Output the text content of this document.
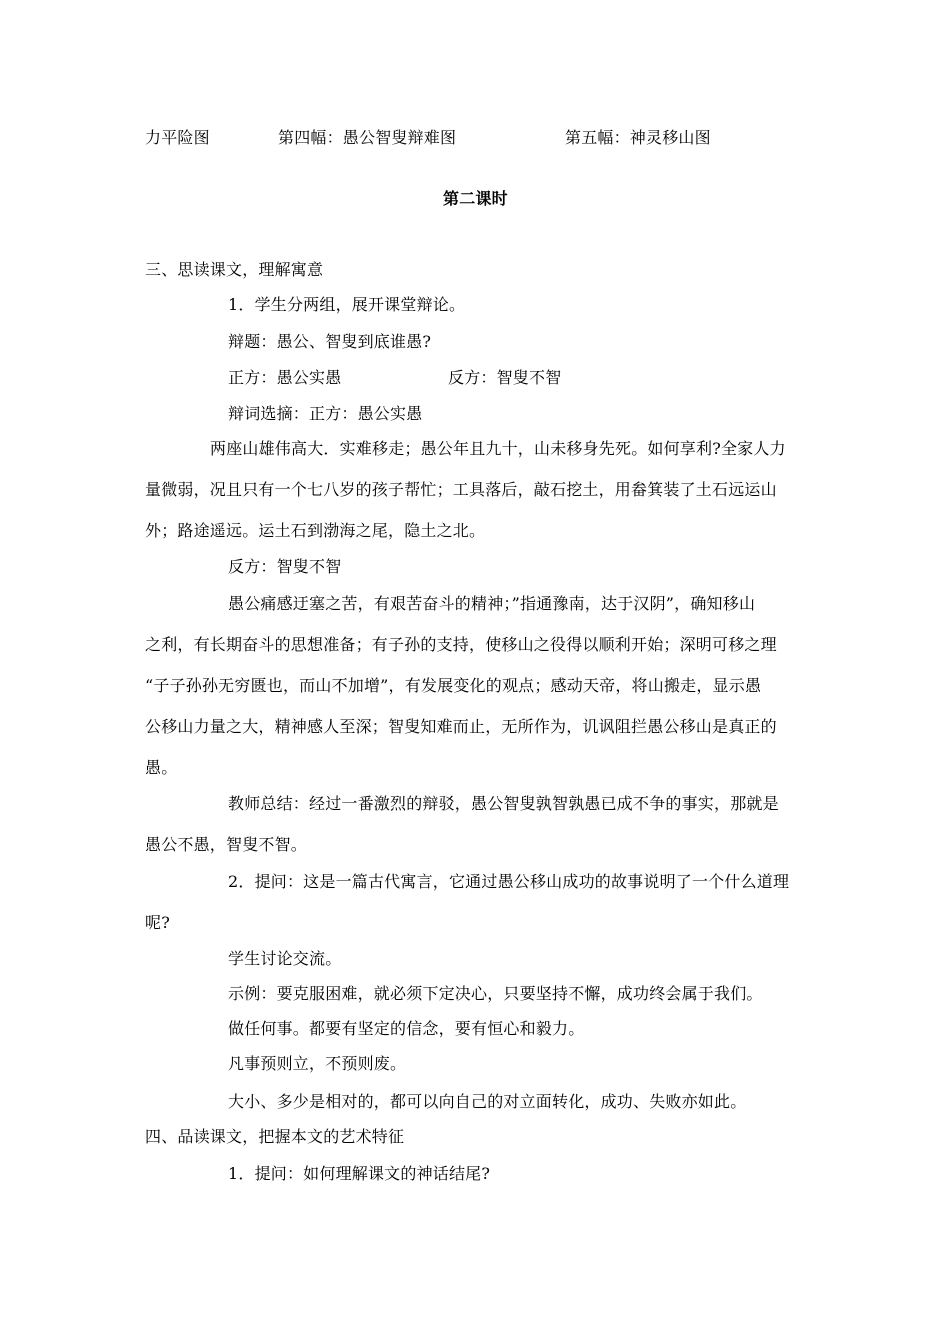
力平险图	第四幅：愚公智叟辩难图	第五幅：神灵移山图
第二课时
三、思读课文，理解寓意
1．学生分两组，展开课堂辩论。
辩题：愚公、智叟到底谁愚?
正方：愚公实愚	反方：智叟不智
辩词选摘：正方：愚公实愚
两座山雄伟高大．实难移走；愚公年且九十，山未移身先死。如何享利?全家人力
量微弱，况且只有一个七八岁的孩子帮忙；工具落后，敲石挖土，用畚箕装了土石远运山
外；路途遥远。运土石到渤海之尾，隐土之北。
反方：智叟不智
愚公痛感迂塞之苦，有艰苦奋斗的精神；”指通豫南，达于汉阴”，确知移山
之利，有长期奋斗的思想准备；有子孙的支持，使移山之役得以顺利开始；深明可移之理
“子子孙孙无穷匮也，而山不加增”，有发展变化的观点；感动天帝，将山搬走，显示愚
公移山力量之大，精神感人至深；智叟知难而止，无所作为，讥讽阻拦愚公移山是真正的
愚。
教师总结：经过一番激烈的辩驳，愚公智叟孰智孰愚已成不争的事实，那就是
愚公不愚，智叟不智。
2．提问：这是一篇古代寓言，它通过愚公移山成功的故事说明了一个什么道理
呢?
学生讨论交流。
示例：要克服困难，就必须下定决心，只要坚持不懈，成功终会属于我们。
做任何事。都要有坚定的信念，要有恒心和毅力。
凡事预则立，不预则废。
大小、多少是相对的，都可以向自己的对立面转化，成功、失败亦如此。
四、品读课文，把握本文的艺术特征
1．提问：如何理解课文的神话结尾?
